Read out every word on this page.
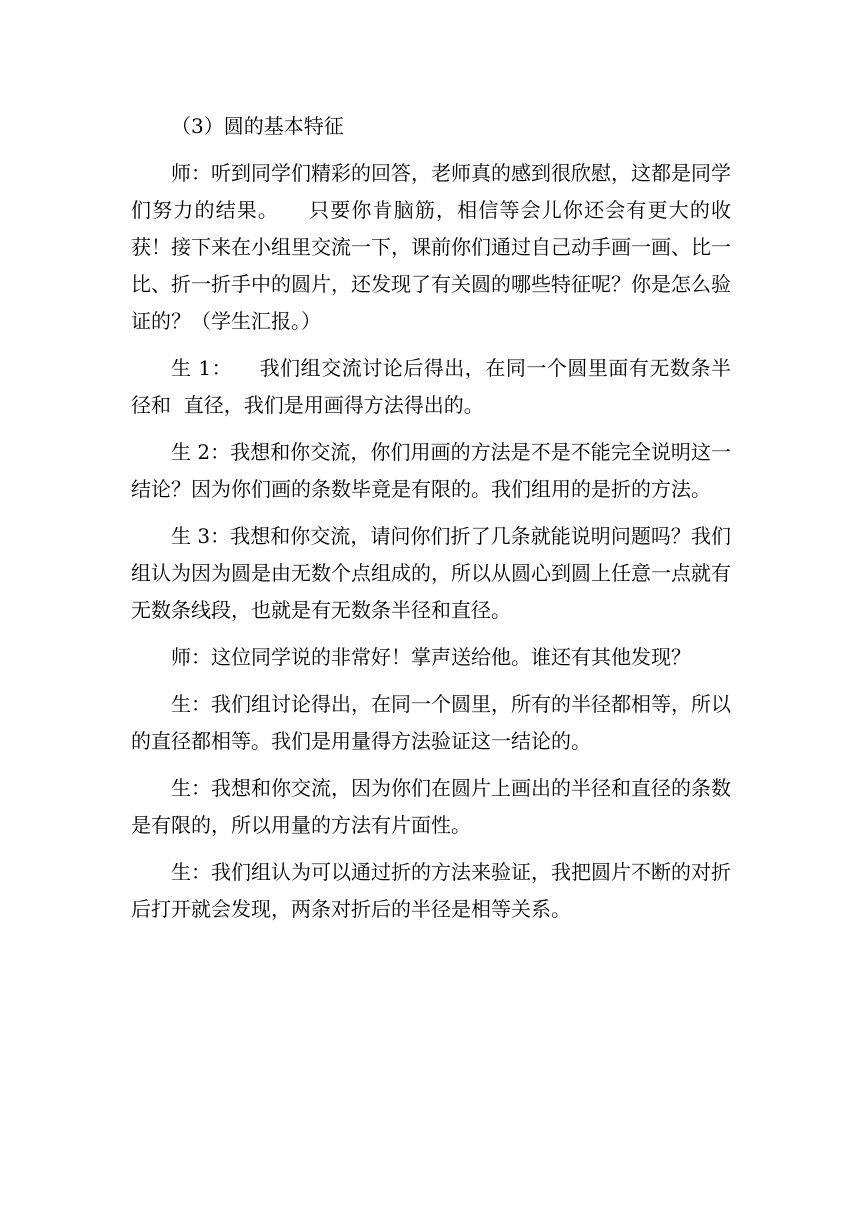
（3）圆的基本特征

师：听到同学们精彩的回答，老师真的感到很欣慰，这都是同学们努力的结果。    只要你肯脑筋，相信等会儿你还会有更大的收获！接下来在小组里交流一下，课前你们通过自己动手画一画、比一比、折一折手中的圆片，还发现了有关圆的哪些特征呢？你是怎么验证的？（学生汇报。）

生 1：    我们组交流讨论后得出，在同一个圆里面有无数条半径和  直径，我们是用画得方法得出的。

生 2：我想和你交流，你们用画的方法是不是不能完全说明这一结论？因为你们画的条数毕竟是有限的。我们组用的是折的方法。

生 3：我想和你交流，请问你们折了几条就能说明问题吗？我们组认为因为圆是由无数个点组成的，所以从圆心到圆上任意一点就有无数条线段，也就是有无数条半径和直径。

师：这位同学说的非常好！掌声送给他。谁还有其他发现？

生：我们组讨论得出，在同一个圆里，所有的半径都相等，所以的直径都相等。我们是用量得方法验证这一结论的。

生：我想和你交流，因为你们在圆片上画出的半径和直径的条数是有限的，所以用量的方法有片面性。

生：我们组认为可以通过折的方法来验证，我把圆片不断的对折后打开就会发现，两条对折后的半径是相等关系。
